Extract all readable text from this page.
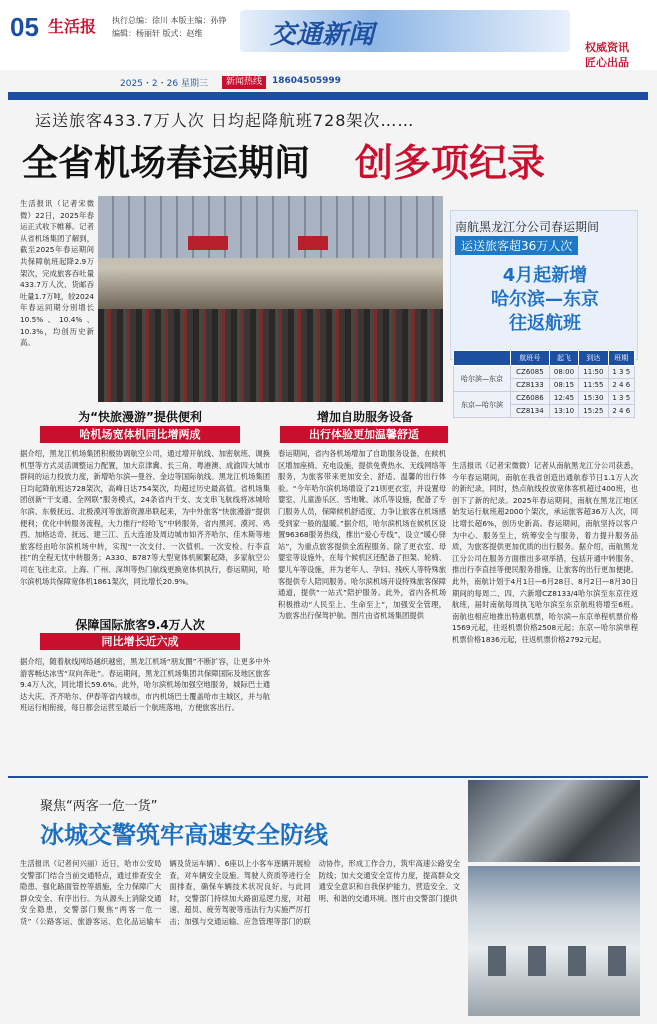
05 生活报 执行总编：徐川 本版主编：孙铮
编辑：杨丽轩 版式：赵维	交通新闻	权威资讯
匠心出品
2025・2・26 星期三	新闻热线	18604505999
运送旅客433.7万人次 日均起降航班728架次……
全省机场春运期间 创多项纪录
生活报讯（记者宋微微）22日，2025年春运正式收下帷幕。记者从省机场集团了解到，截至2025年春运期间共保障航班起降2.9万架次，完成旅客吞吐量433.7万人次、货邮吞吐量1.7万吨，较2024年春运同期分别增长10.5%、10.4%、10.3%，均创历史新高。
南航黑龙江分公司春运期间
运送旅客超36万人次
4月起新增
哈尔滨—东京
往返航班
	航班号	起飞	到达	班期
哈尔滨—东京	CZ6085	08:00	11:50	1 3 5
	CZ8133	08:15	11:55	2 4 6
东京—哈尔滨	CZ6086	12:45	15:30	1 3 5
	CZ8134	13:10	15:25	2 4 6
生活报讯（记者宋微微）记者从南航黑龙江分公司获悉，今年春运期间，南航在我省创造出通航春节日1.1万人次的新纪录，同时，热点航线投放宽体客机超过400班，也创下了新的纪录。2025年春运期间，南航在黑龙江地区始发运行航班超2000个架次，承运旅客超36万人次，同比增长超6%，创历史新高。春运期间，南航坚持以客户为中心、服务至上，统筹安全与服务，着力提升服务品质，为旅客提供更加优质的出行服务。据介绍，南航黑龙江分公司在服务方面推出多项举措，包括开通中转服务、推出行李直挂等便民服务措施，让旅客的出行更加便捷。此外，南航计划于4月1日—6月28日、8月2日—8月30日期间的每周二、四、六新增CZ8133/4哈尔滨至东京往返航班，届时南航每周执飞哈尔滨至东京航班将增至6班。南航也相应地推出特惠机票，哈尔滨—东京单程机票价格1569元起，往返机票价格2508元起；东京—哈尔滨单程机票价格1836元起，往返机票价格2792元起。
为“快旅漫游”提供便利
哈机场宽体机同比增两成
据介绍，黑龙江机场集团积极协调航空公司，通过增开航线、加密航班、调换机型等方式灵活调整运力配置，加大京津冀、长三角、粤港澳、成渝四大城市群间的运力投放力度，新增哈尔滨—曼谷、金边等国际航线。黑龙江机场集团日均起降航班达728架次，高峰日达754架次，均超过历史最高值。省机场集团创新“干支通、全网联”服务模式，24条省内干支、支支串飞航线将冰城哈尔滨、东极抚远、北极漠河等旅游资源串联起来，为中外旅客“快旅漫游”提供便利；优化中转服务流程，大力推行“经哈飞”中转服务，省内黑河、漠河、鸡西、加格达奇、抚远、建三江、五大连池及周边城市如齐齐哈尔、佳木斯等地旅客经由哈尔滨机场中转，实现“一次支付、一次值机、一次安检、行李直挂”的全程无忧中转服务；A330、B787等大型宽体机频繁起降，多家航空公司在飞往北京、上海、广州、深圳等热门航线更换宽体机执行，春运期间，哈尔滨机场共保障宽体机1861架次，同比增长20.9%。
保障国际旅客9.4万人次
同比增长近六成
据介绍，随着航线网络越织越密，黑龙江机场“朋友圈”不断扩容，让更多中外游客畅达冰雪“双向奔赴”。春运期间，黑龙江机场集团共保障国际及地区旅客9.4万人次，同比增长59.6%。此外，哈尔滨机场加强空地服务，城际巴士通达大庆、齐齐哈尔、伊春等省内城市，市内机场巴士覆盖哈市主城区，并与航班运行相衔接，每日都会运营至最后一个航班落地，方便旅客出行。
增加自助服务设备
出行体验更加温馨舒适
春运期间，省内各机场增加了自助服务设备，在候机区增加座椅、充电设施，提供免费热水、无线网络等服务，为旅客带来更加安全、舒适、温馨的出行体验。“今年哈尔滨机场增设了21则更衣室，并设置母婴室、儿童游乐区、雪地靴、冰爪等设施，配备了专门服务人员，保障候机舒适度，力争让旅客在机场感受到家一般的温暖。”据介绍，哈尔滨机场在候机区设置96368服务热线，推出“爱心专线”，设立“暖心驿站”，为重点旅客提供全流程服务。除了更衣室、母婴室等设施外，在每个候机区还配备了担架、轮椅、婴儿车等设施，并为老年人、孕妇、残疾人等特殊旅客提供专人陪同服务。哈尔滨机场开设特殊旅客保障通道，提供“一站式”陪护服务。此外，省内各机场积极推动“人民至上、生命至上”，加强安全管理，为旅客出行保驾护航。图片由省机场集团提供
聚焦“两客一危一货”
冰城交警筑牢高速安全防线
生活报讯（记者何兴丽）近日，哈市公安局交警部门结合当前交通特点，通过排查安全隐患、强化路面管控等措施，全力保障广大群众安全、有序出行。为从源头上消除交通安全隐患，交警部门聚焦“两客一危一货”（公路客运、旅游客运、危化品运输车辆及货运车辆）、6座以上小客车逐辆开展检查，对车辆安全设施、驾驶人资质等进行全面排查，确保车辆技术状况良好。与此同时，交警部门持续加大路面巡逻力度，对超速、超员、疲劳驾驶等违法行为实施严厉打击；加强与交通运输、应急管理等部门的联动协作，形成工作合力，筑牢高速公路安全防线；加大交通安全宣传力度，提高群众交通安全意识和自我保护能力，营造安全、文明、和谐的交通环境。图片由交警部门提供
